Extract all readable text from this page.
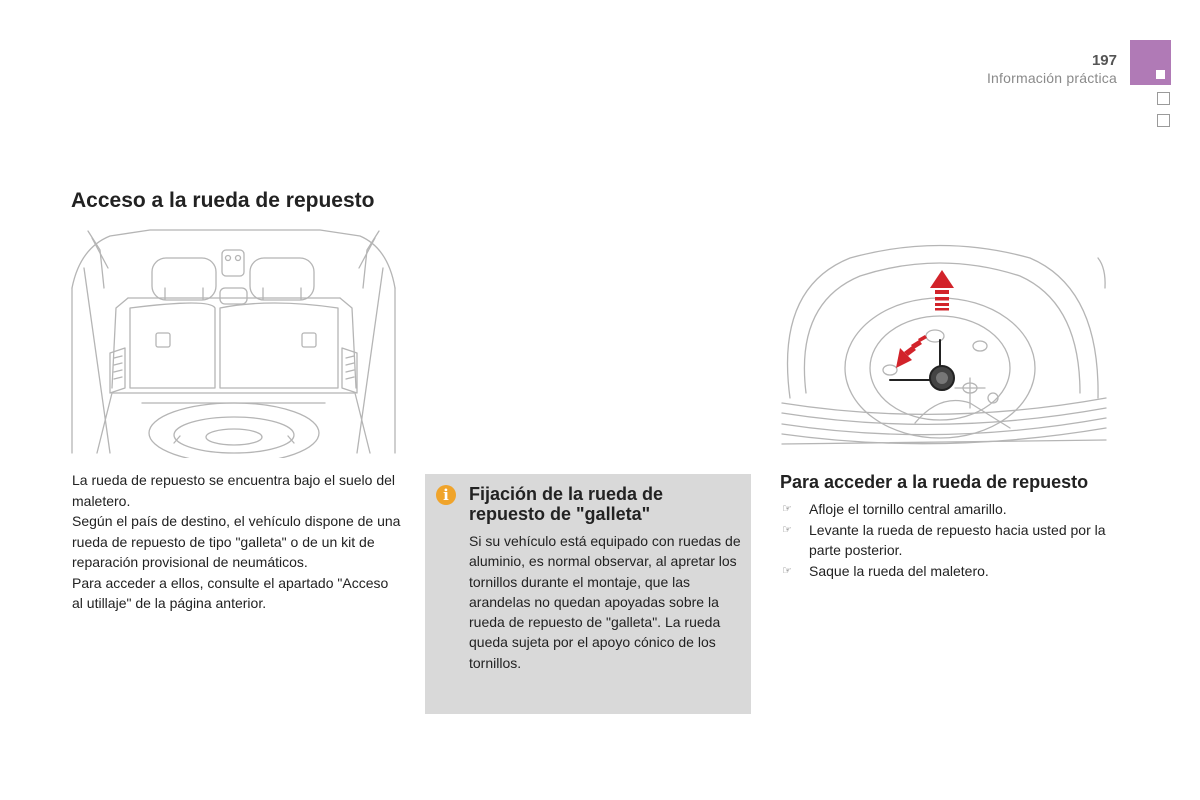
197
Información práctica
Acceso a la rueda de repuesto

La rueda de repuesto se encuentra bajo el suelo del maletero.

Según el país de destino, el vehículo dispone de una rueda de repuesto de tipo "galleta" o de un kit de reparación provisional de neumáticos.

Para acceder a ellos, consulte el apartado "Acceso al utillaje" de la página anterior.

i	Fijación de la rueda de repuesto de "galleta"
Si su vehículo está equipado con ruedas de aluminio, es normal observar, al apretar los tornillos durante el montaje, que las arandelas no quedan apoyadas sobre la rueda de repuesto de "galleta". La rueda queda sujeta por el apoyo cónico de los tornillos.
Para acceder a la rueda de repuesto
☞ Afloje el tornillo central amarillo.
☞ Levante la rueda de repuesto hacia usted por la parte posterior.
☞ Saque la rueda del maletero.
